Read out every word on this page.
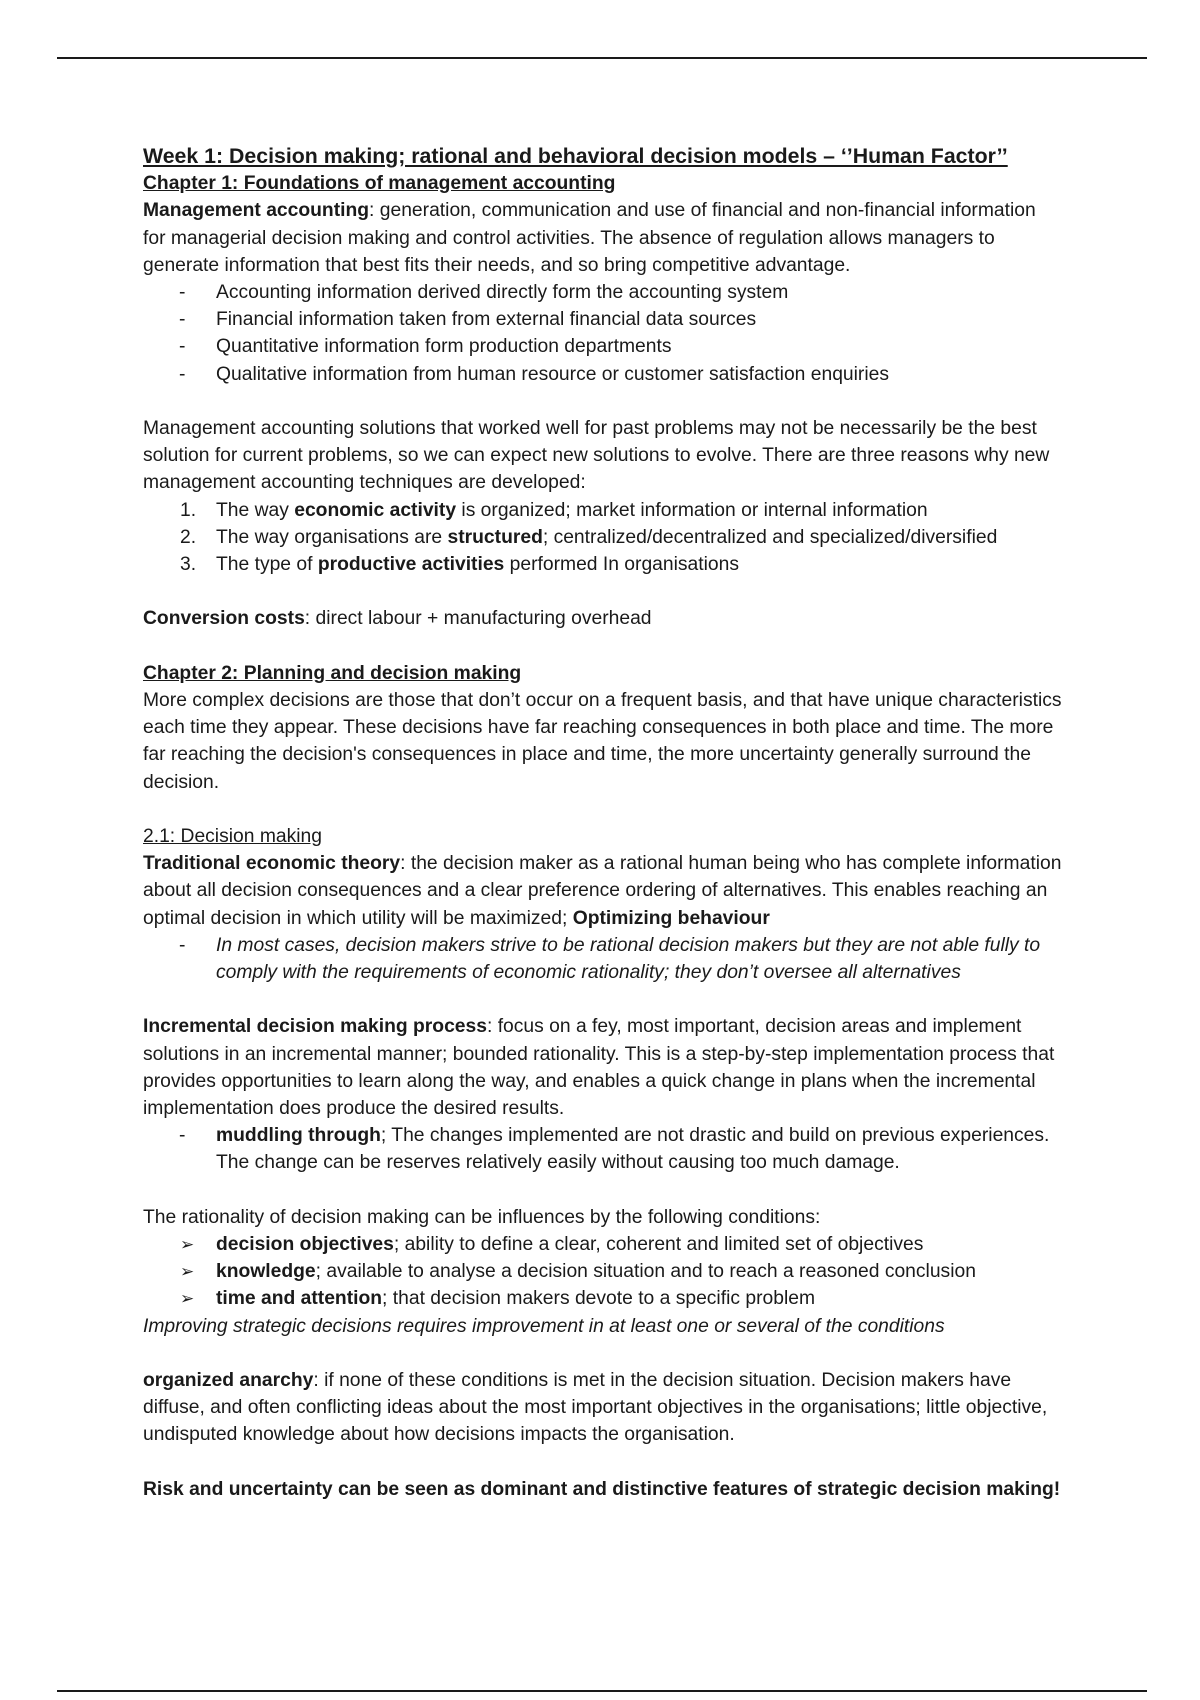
Week 1: Decision making; rational and behavioral decision models – ‘’Human Factor’’
Chapter 1: Foundations of management accounting

Management accounting: generation, communication and use of financial and non-financial information for managerial decision making and control activities. The absence of regulation allows managers to generate information that best fits their needs, and so bring competitive advantage.

-	Accounting information derived directly form the accounting system
-	Financial information taken from external financial data sources
-	Quantitative information form production departments
-	Qualitative information from human resource or customer satisfaction enquiries

Management accounting solutions that worked well for past problems may not be necessarily be the best solution for current problems, so we can expect new solutions to evolve. There are three reasons why new management accounting techniques are developed:

1.	The way economic activity is organized; market information or internal information
2.	The way organisations are structured; centralized/decentralized and specialized/diversified
3.	The type of productive activities performed In organisations

Conversion costs: direct labour + manufacturing overhead

Chapter 2: Planning and decision making

More complex decisions are those that don’t occur on a frequent basis, and that have unique characteristics each time they appear. These decisions have far reaching consequences in both place and time. The more far reaching the decision's consequences in place and time, the more uncertainty generally surround the decision.

2.1: Decision making

Traditional economic theory: the decision maker as a rational human being who has complete information about all decision consequences and a clear preference ordering of alternatives. This enables reaching an optimal decision in which utility will be maximized; Optimizing behaviour

-	In most cases, decision makers strive to be rational decision makers but they are not able fully to comply with the requirements of economic rationality; they don’t oversee all alternatives

Incremental decision making process: focus on a fey, most important, decision areas and implement solutions in an incremental manner; bounded rationality. This is a step-by-step implementation process that provides opportunities to learn along the way, and enables a quick change in plans when the incremental implementation does produce the desired results.

-	muddling through; The changes implemented are not drastic and build on previous experiences. The change can be reserves relatively easily without causing too much damage.

The rationality of decision making can be influences by the following conditions:

➢	decision objectives; ability to define a clear, coherent and limited set of objectives
➢	knowledge; available to analyse a decision situation and to reach a reasoned conclusion
➢	time and attention; that decision makers devote to a specific problem

Improving strategic decisions requires improvement in at least one or several of the conditions

organized anarchy: if none of these conditions is met in the decision situation. Decision makers have diffuse, and often conflicting ideas about the most important objectives in the organisations; little objective, undisputed knowledge about how decisions impacts the organisation.

Risk and uncertainty can be seen as dominant and distinctive features of strategic decision making!
